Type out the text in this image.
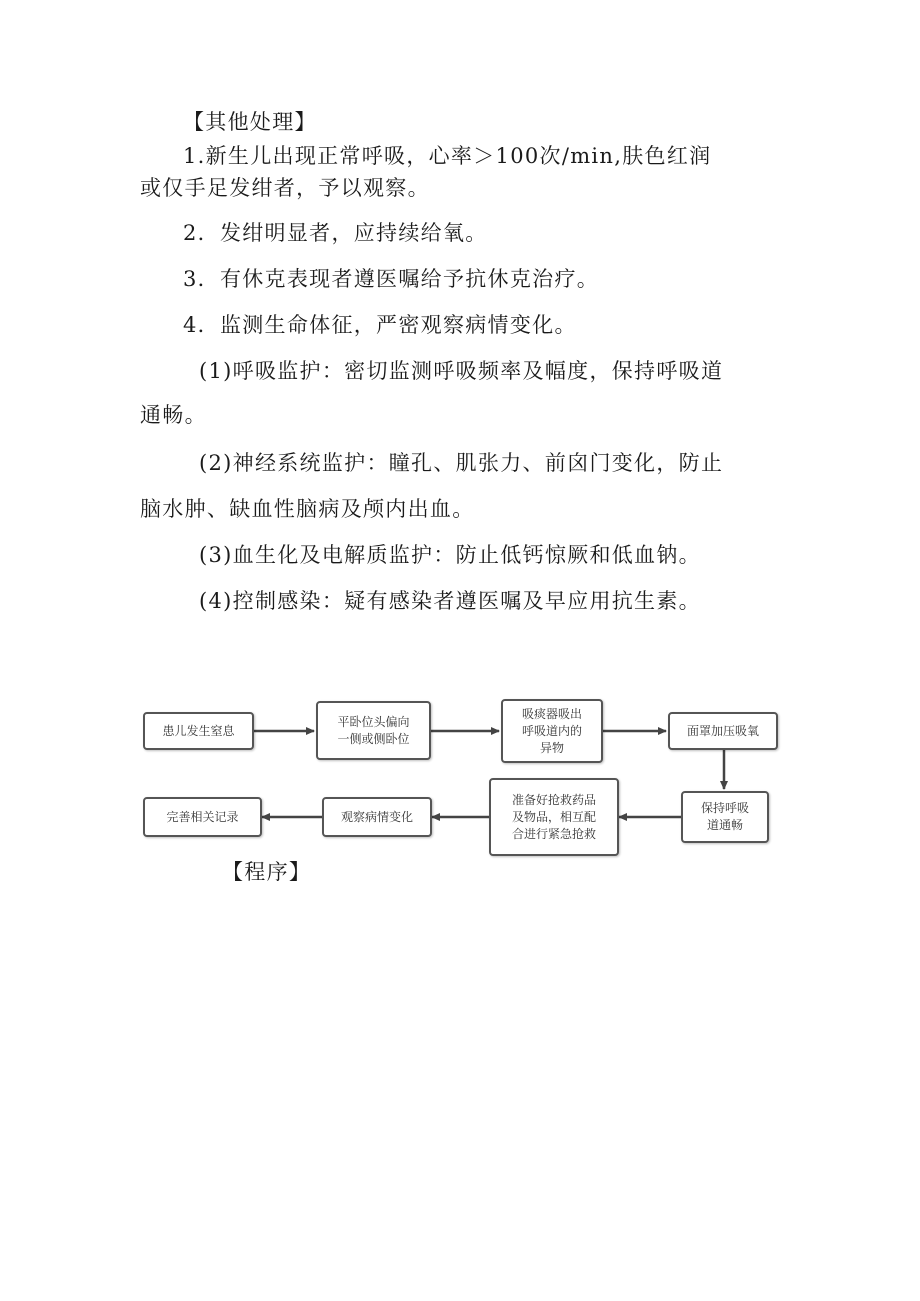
【其他处理】
1.新生儿出现正常呼吸，心率＞100次/min,肤色红润
或仅手足发绀者，予以观察。
2．发绀明显者，应持续给氧。
3．有休克表现者遵医嘱给予抗休克治疗。
4．监测生命体征，严密观察病情变化。
(1)呼吸监护：密切监测呼吸频率及幅度，保持呼吸道
通畅。
(2)神经系统监护：瞳孔、肌张力、前囟门变化，防止
脑水肿、缺血性脑病及颅内出血。
(3)血生化及电解质监护：防止低钙惊厥和低血钠。
(4)控制感染：疑有感染者遵医嘱及早应用抗生素。
患儿发生窒息
平卧位头偏向
一侧或侧卧位
吸痰器吸出
呼吸道内的
异物
面罩加压吸氧
保持呼吸
道通畅
准备好抢救药品
及物品，相互配
合进行紧急抢救
观察病情变化
完善相关记录
【程序】
